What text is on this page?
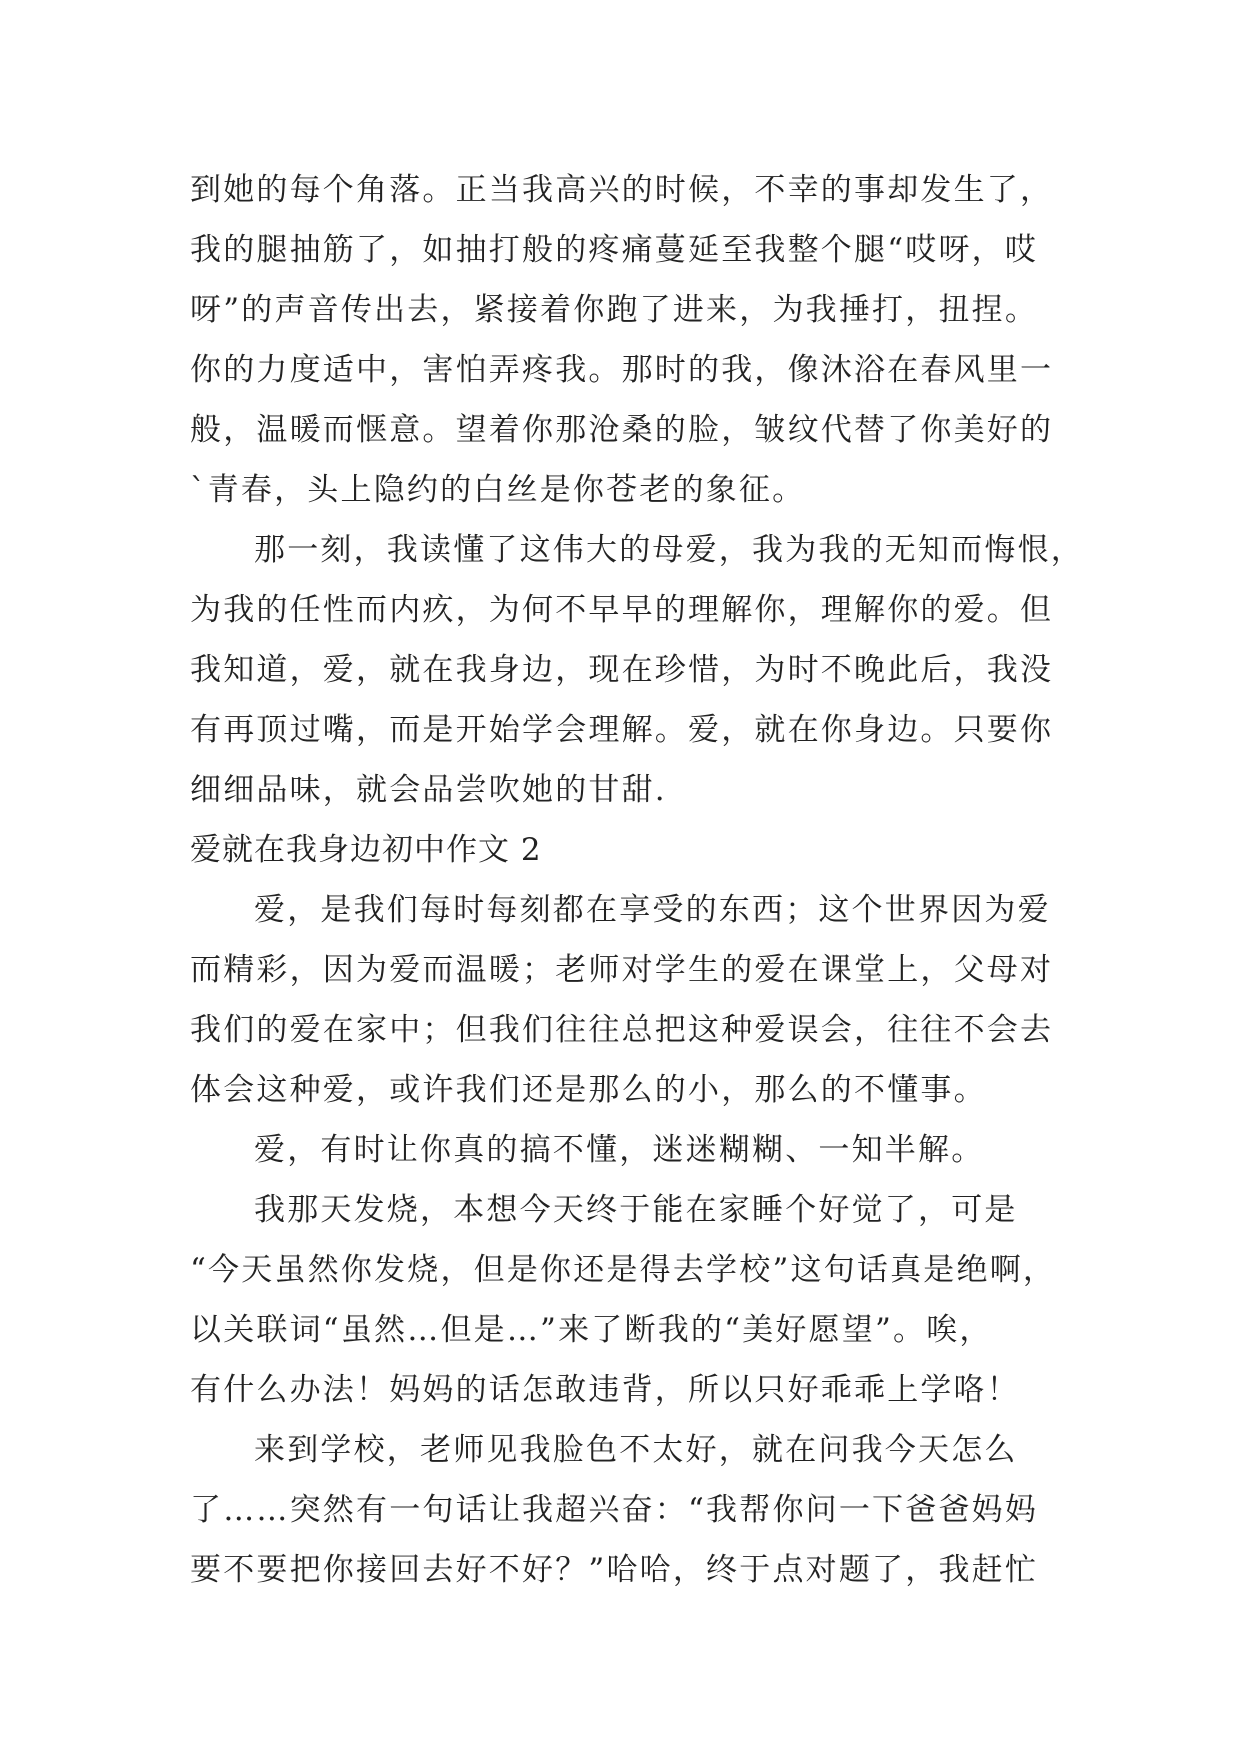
到她的每个角落。正当我高兴的时候，不幸的事却发生了，
我的腿抽筋了，如抽打般的疼痛蔓延至我整个腿“哎呀，哎
呀”的声音传出去，紧接着你跑了进来，为我捶打，扭捏。
你的力度适中，害怕弄疼我。那时的我，像沐浴在春风里一
般，温暖而惬意。望着你那沧桑的脸，皱纹代替了你美好的
`青春，头上隐约的白丝是你苍老的象征。
那一刻，我读懂了这伟大的母爱，我为我的无知而悔恨，
为我的任性而内疚，为何不早早的理解你，理解你的爱。但
我知道，爱，就在我身边，现在珍惜，为时不晚此后，我没
有再顶过嘴，而是开始学会理解。爱，就在你身边。只要你
细细品味，就会品尝吹她的甘甜.
爱就在我身边初中作文 2
爱，是我们每时每刻都在享受的东西；这个世界因为爱
而精彩，因为爱而温暖；老师对学生的爱在课堂上，父母对
我们的爱在家中；但我们往往总把这种爱误会，往往不会去
体会这种爱，或许我们还是那么的小，那么的不懂事。
爱，有时让你真的搞不懂，迷迷糊糊、一知半解。
我那天发烧，本想今天终于能在家睡个好觉了，可是
“今天虽然你发烧，但是你还是得去学校”这句话真是绝啊，
以关联词“虽然…但是…”来了断我的“美好愿望”。唉，
有什么办法！妈妈的话怎敢违背，所以只好乖乖上学咯！
来到学校，老师见我脸色不太好，就在问我今天怎么
了……突然有一句话让我超兴奋：“我帮你问一下爸爸妈妈
要不要把你接回去好不好？”哈哈，终于点对题了，我赶忙
